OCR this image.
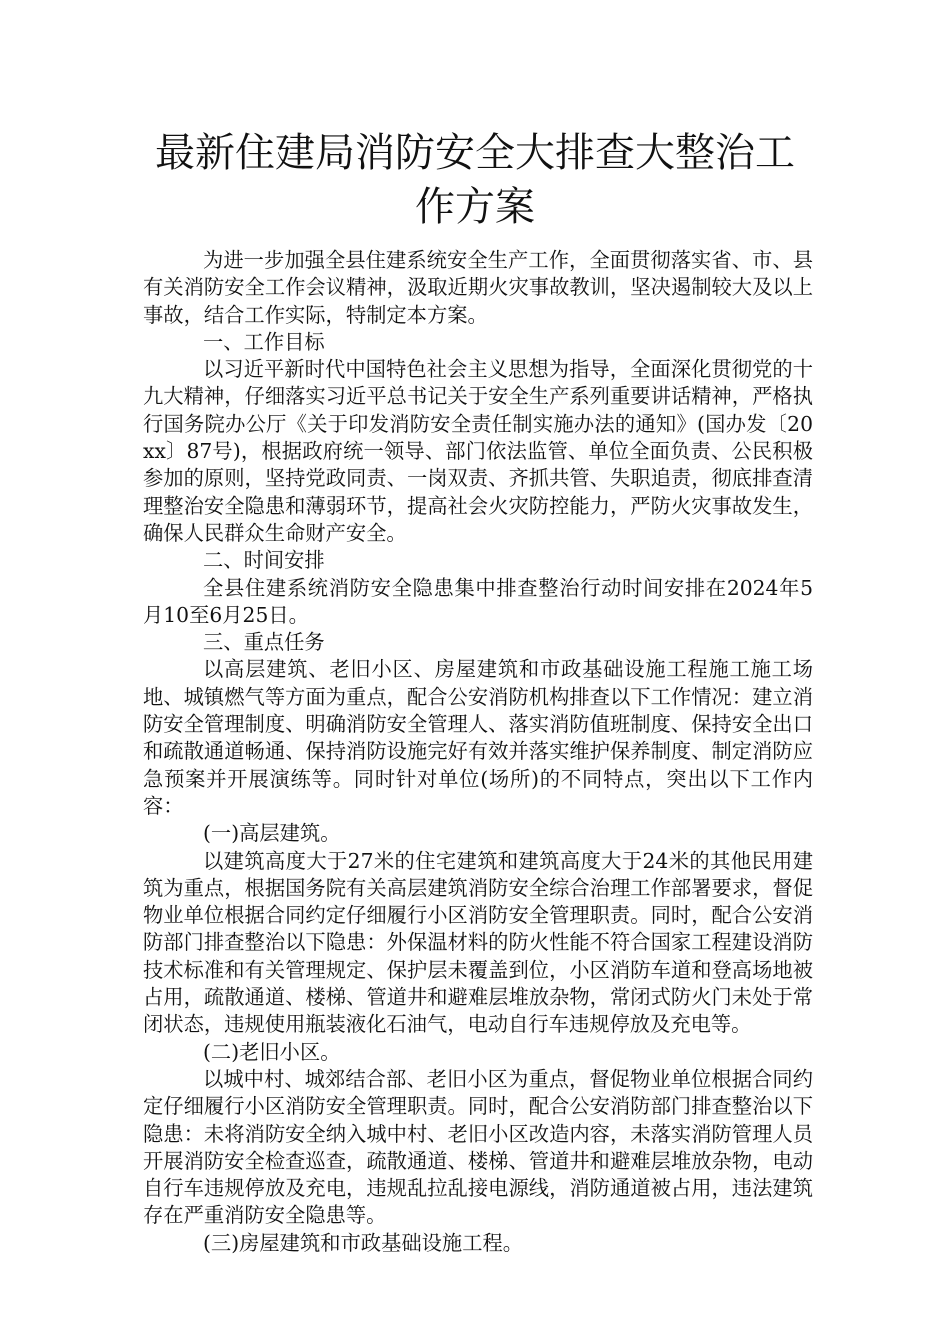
最新住建局消防安全大排查大整治工作方案

为进一步加强全县住建系统安全生产工作，全面贯彻落实省、市、县有关消防安全工作会议精神，汲取近期火灾事故教训，坚决遏制较大及以上事故，结合工作实际，特制定本方案。

一、工作目标

以习近平新时代中国特色社会主义思想为指导，全面深化贯彻党的十九大精神，仔细落实习近平总书记关于安全生产系列重要讲话精神，严格执行国务院办公厅《关于印发消防安全责任制实施办法的通知》(国办发〔20xx〕87号)，根据政府统一领导、部门依法监管、单位全面负责、公民积极参加的原则，坚持党政同责、一岗双责、齐抓共管、失职追责，彻底排查清理整治安全隐患和薄弱环节，提高社会火灾防控能力，严防火灾事故发生，确保人民群众生命财产安全。

二、时间安排

全县住建系统消防安全隐患集中排查整治行动时间安排在2024年5月10至6月25日。

三、重点任务

以高层建筑、老旧小区、房屋建筑和市政基础设施工程施工施工场地、城镇燃气等方面为重点，配合公安消防机构排查以下工作情况：建立消防安全管理制度、明确消防安全管理人、落实消防值班制度、保持安全出口和疏散通道畅通、保持消防设施完好有效并落实维护保养制度、制定消防应急预案并开展演练等。同时针对单位(场所)的不同特点，突出以下工作内容：

(一)高层建筑。

以建筑高度大于27米的住宅建筑和建筑高度大于24米的其他民用建筑为重点，根据国务院有关高层建筑消防安全综合治理工作部署要求，督促物业单位根据合同约定仔细履行小区消防安全管理职责。同时，配合公安消防部门排查整治以下隐患：外保温材料的防火性能不符合国家工程建设消防技术标准和有关管理规定、保护层未覆盖到位，小区消防车道和登高场地被占用，疏散通道、楼梯、管道井和避难层堆放杂物，常闭式防火门未处于常闭状态，违规使用瓶装液化石油气，电动自行车违规停放及充电等。

(二)老旧小区。

以城中村、城郊结合部、老旧小区为重点，督促物业单位根据合同约定仔细履行小区消防安全管理职责。同时，配合公安消防部门排查整治以下隐患：未将消防安全纳入城中村、老旧小区改造内容，未落实消防管理人员开展消防安全检查巡查，疏散通道、楼梯、管道井和避难层堆放杂物，电动自行车违规停放及充电，违规乱拉乱接电源线，消防通道被占用，违法建筑存在严重消防安全隐患等。

(三)房屋建筑和市政基础设施工程。
